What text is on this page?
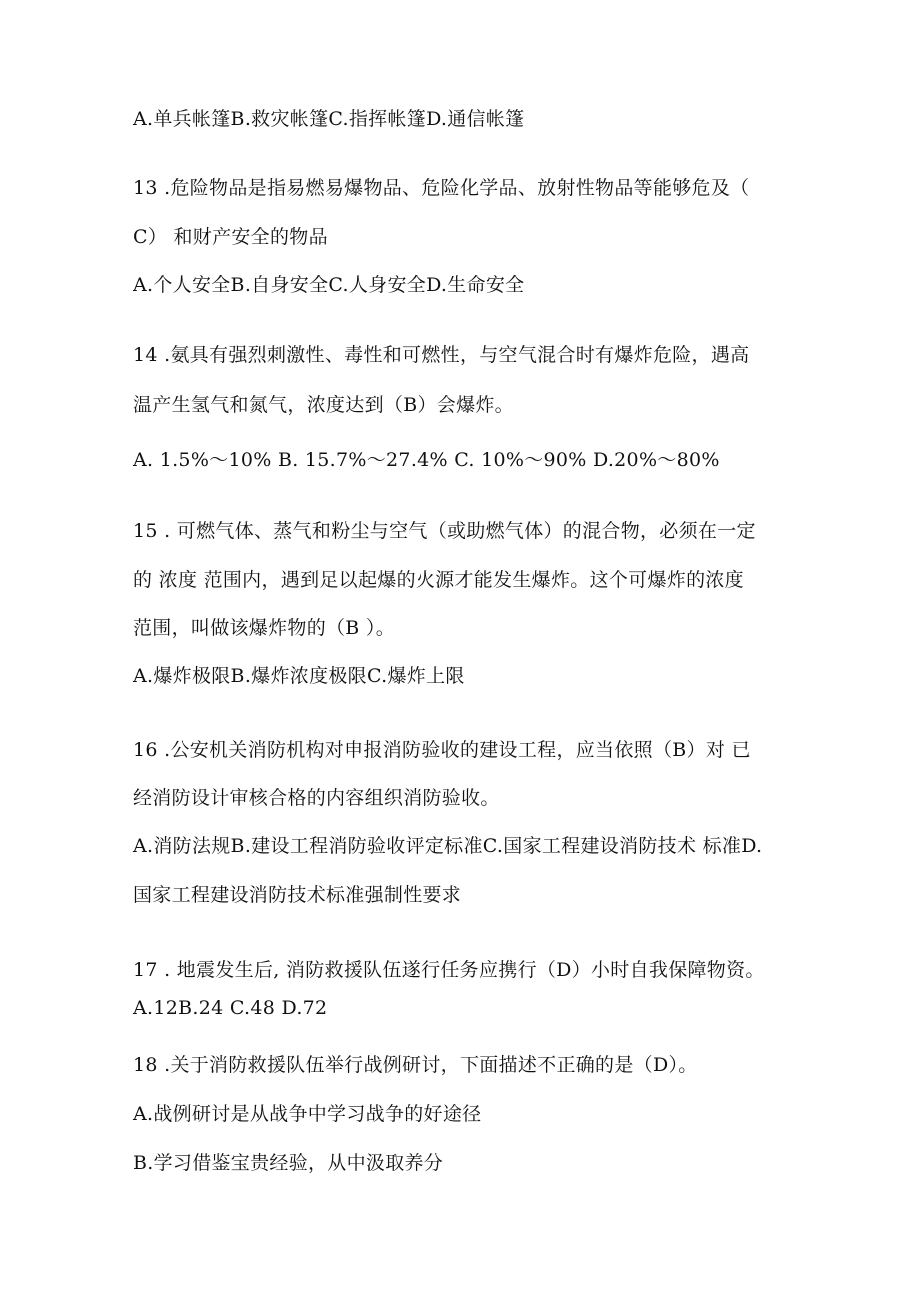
A.单兵帐篷B.救灾帐篷C.指挥帐篷D.通信帐篷
13 .危险物品是指易燃易爆物品、危险化学品、放射性物品等能够危及（
C） 和财产安全的物品
A.个人安全B.自身安全C.人身安全D.生命安全
14 .氨具有强烈刺激性、毒性和可燃性，与空气混合时有爆炸危险，遇高
温产生氢气和氮气，浓度达到（B）会爆炸。
A. 1.5%～10% B. 15.7%～27.4% C. 10%～90% D.20%～80%
15 . 可燃气体、蒸气和粉尘与空气（或助燃气体）的混合物，必须在一定
的 浓度 范围内，遇到足以起爆的火源才能发生爆炸。这个可爆炸的浓度
范围，叫做该爆炸物的（B ）。
A.爆炸极限B.爆炸浓度极限C.爆炸上限
16 .公安机关消防机构对申报消防验收的建设工程，应当依照（B）对 已
经消防设计审核合格的内容组织消防验收。
A.消防法规B.建设工程消防验收评定标准C.国家工程建设消防技术 标准D.
国家工程建设消防技术标准强制性要求
17 . 地震发生后, 消防救援队伍遂行任务应携行（D）小时自我保障物资。
A.12B.24 C.48 D.72
18 .关于消防救援队伍举行战例研讨，下面描述不正确的是（D）。
A.战例研讨是从战争中学习战争的好途径
B.学习借鉴宝贵经验，从中汲取养分
